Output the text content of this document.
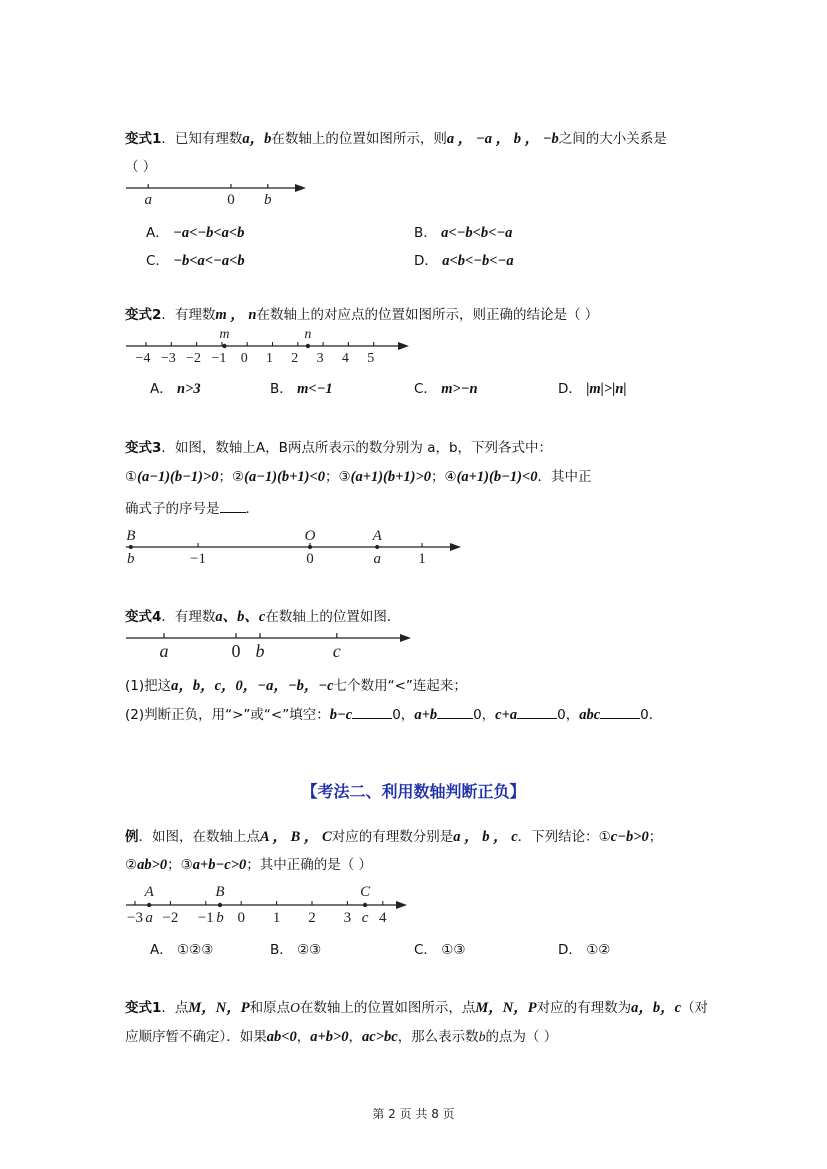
变式1．已知有理数a，b在数轴上的位置如图所示，则a ， −a ， b ， −b之间的大小关系是
（ ）
a	0 b
A． −a<−b<a<b	B． a<−b<b<−a
C． −b<a<−a<b	D． a<b<−b<−a
变式2．有理数m ， n在数轴上的对应点的位置如图所示，则正确的结论是（ ）
−4 −3 −2 −1 0 1 2 3 4 5
m	n
A． n>3	B． m<−1	C． m>−n	D． |m|>|n|
变式3．如图，数轴上A，B两点所表示的数分别为 a，b，下列各式中：
①(a−1)(b−1)>0；②(a−1)(b+1)<0；③(a+1)(b+1)>0；④(a+1)(b−1)<0．其中正
确式子的序号是 ．
B	O	A
b	−1	0	a 1
变式4．有理数a、b、c在数轴上的位置如图．
a	0 b	c
(1)把这a，b，c，0，−a，−b，−c七个数用“<”连起来；
(2)判断正负，用“>”或“<”填空：b−c	0，a+b	0，c+a	0，abc	0．
【考法二、利用数轴判断正负】
例．如图，在数轴上点A ， B ， C对应的有理数分别是a ， b ， c．下列结论：①c−b>0；
②ab>0；③a+b−c>0；其中正确的是（ ）
−3 −2 −1 0 1 2 3 4
A
a
B
b
C
c
A． ①②③	B． ②③	C． ①③	D． ①②
变式1．点M，N，P和原点O在数轴上的位置如图所示，点M，N，P对应的有理数为a，b，c（对
应顺序暂不确定）．如果ab<0，a+b>0，ac>bc，那么表示数b的点为（ ）
第 2 页 共 8 页
